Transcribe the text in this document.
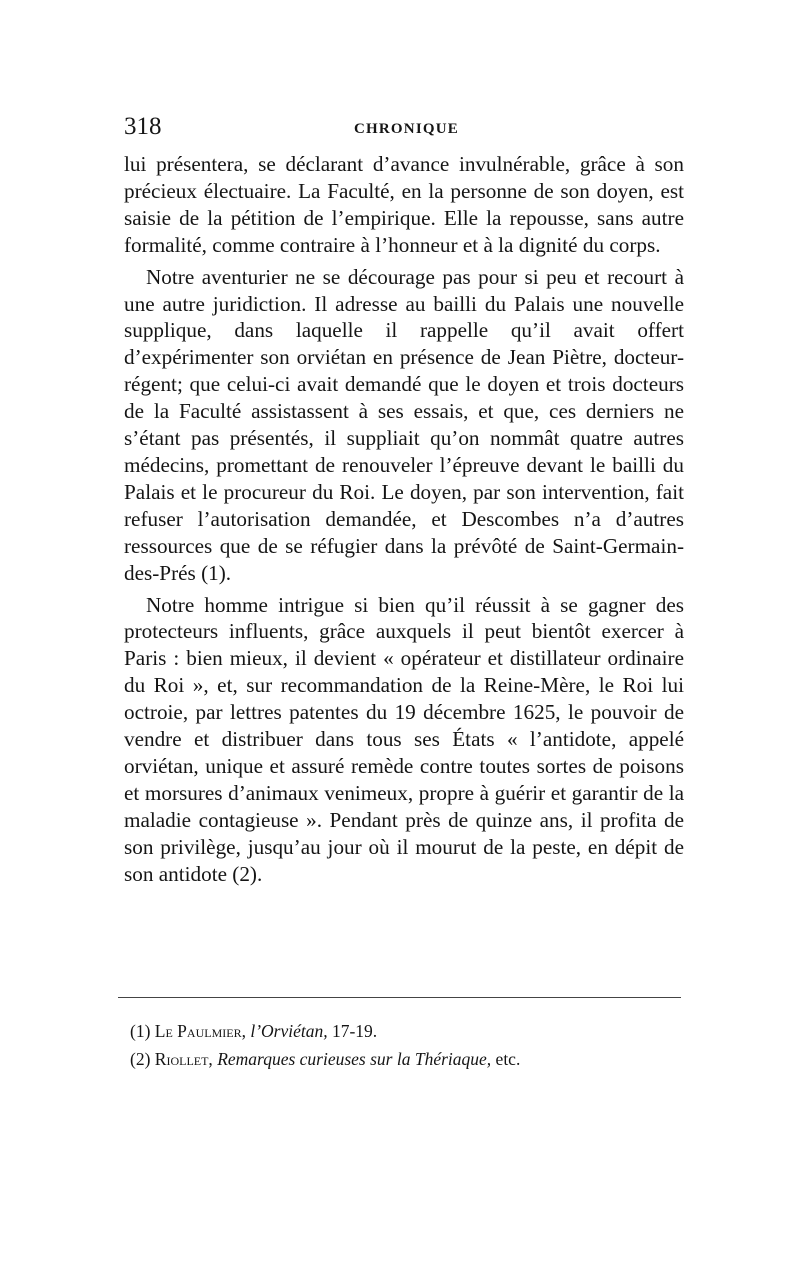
318	CHRONIQUE

lui présentera, se déclarant d’avance invulnérable, grâce à son précieux électuaire. La Faculté, en la personne de son doyen, est saisie de la pétition de l’empirique. Elle la repousse, sans autre formalité, comme contraire à l’honneur et à la dignité du corps.

Notre aventurier ne se décourage pas pour si peu et recourt à une autre juridiction. Il adresse au bailli du Palais une nouvelle supplique, dans laquelle il rappelle qu’il avait offert d’expérimenter son orviétan en présence de Jean Piètre, docteur-régent; que celui-ci avait demandé que le doyen et trois docteurs de la Faculté assistassent à ses essais, et que, ces derniers ne s’étant pas présentés, il suppliait qu’on nommât quatre autres médecins, promettant de renouveler l’épreuve devant le bailli du Palais et le procureur du Roi. Le doyen, par son intervention, fait refuser l’autorisation demandée, et Descombes n’a d’autres ressources que de se réfugier dans la prévôté de Saint-Germain-des-Prés (1).

Notre homme intrigue si bien qu’il réussit à se gagner des protecteurs influents, grâce auxquels il peut bientôt exercer à Paris : bien mieux, il devient « opérateur et distillateur ordinaire du Roi », et, sur recommandation de la Reine-Mère, le Roi lui octroie, par lettres patentes du 19 décembre 1625, le pouvoir de vendre et distribuer dans tous ses États « l’antidote, appelé orviétan, unique et assuré remède contre toutes sortes de poisons et morsures d’animaux venimeux, propre à guérir et garantir de la maladie contagieuse ». Pendant près de quinze ans, il profita de son privilège, jusqu’au jour où il mourut de la peste, en dépit de son antidote (2).

(1) Le Paulmier, l’Orviétan, 17-19.

(2) Riollet, Remarques curieuses sur la Thériaque, etc.
